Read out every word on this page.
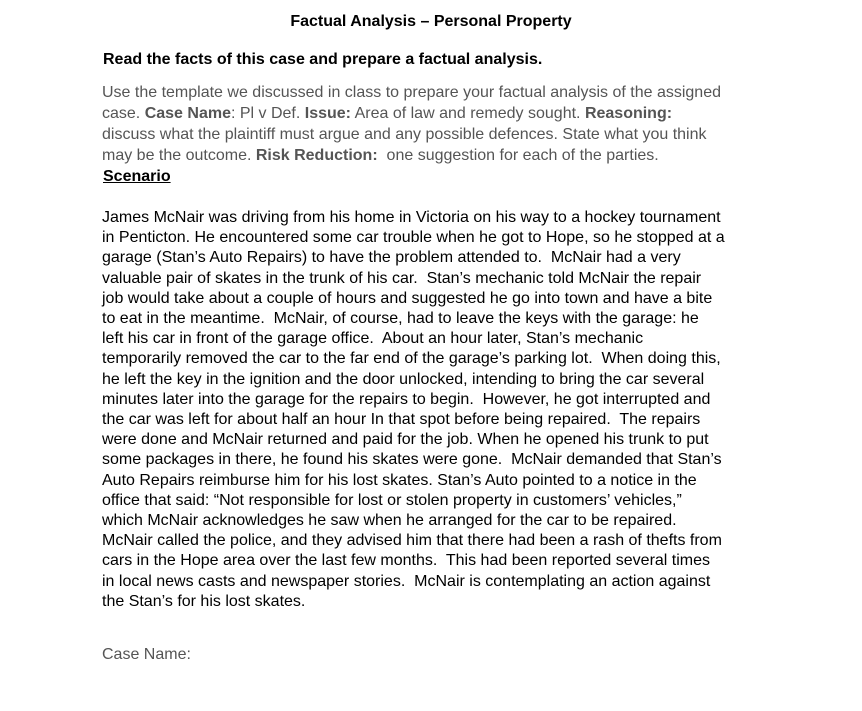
Factual Analysis – Personal Property
Read the facts of this case and prepare a factual analysis.
Use the template we discussed in class to prepare your factual analysis of the assigned
case. Case Name: Pl v Def. Issue: Area of law and remedy sought. Reasoning:
discuss what the plaintiff must argue and any possible defences. State what you think
may be the outcome. Risk Reduction:  one suggestion for each of the parties.
Scenario
James McNair was driving from his home in Victoria on his way to a hockey tournament
in Penticton. He encountered some car trouble when he got to Hope, so he stopped at a
garage (Stan’s Auto Repairs) to have the problem attended to.  McNair had a very
valuable pair of skates in the trunk of his car.  Stan’s mechanic told McNair the repair
job would take about a couple of hours and suggested he go into town and have a bite
to eat in the meantime.  McNair, of course, had to leave the keys with the garage: he
left his car in front of the garage office.  About an hour later, Stan’s mechanic
temporarily removed the car to the far end of the garage’s parking lot.  When doing this,
he left the key in the ignition and the door unlocked, intending to bring the car several
minutes later into the garage for the repairs to begin.  However, he got interrupted and
the car was left for about half an hour In that spot before being repaired.  The repairs
were done and McNair returned and paid for the job. When he opened his trunk to put
some packages in there, he found his skates were gone.  McNair demanded that Stan’s
Auto Repairs reimburse him for his lost skates. Stan’s Auto pointed to a notice in the
office that said: “Not responsible for lost or stolen property in customers’ vehicles,”
which McNair acknowledges he saw when he arranged for the car to be repaired.
McNair called the police, and they advised him that there had been a rash of thefts from
cars in the Hope area over the last few months.  This had been reported several times
in local news casts and newspaper stories.  McNair is contemplating an action against
the Stan’s for his lost skates.
Case Name:
